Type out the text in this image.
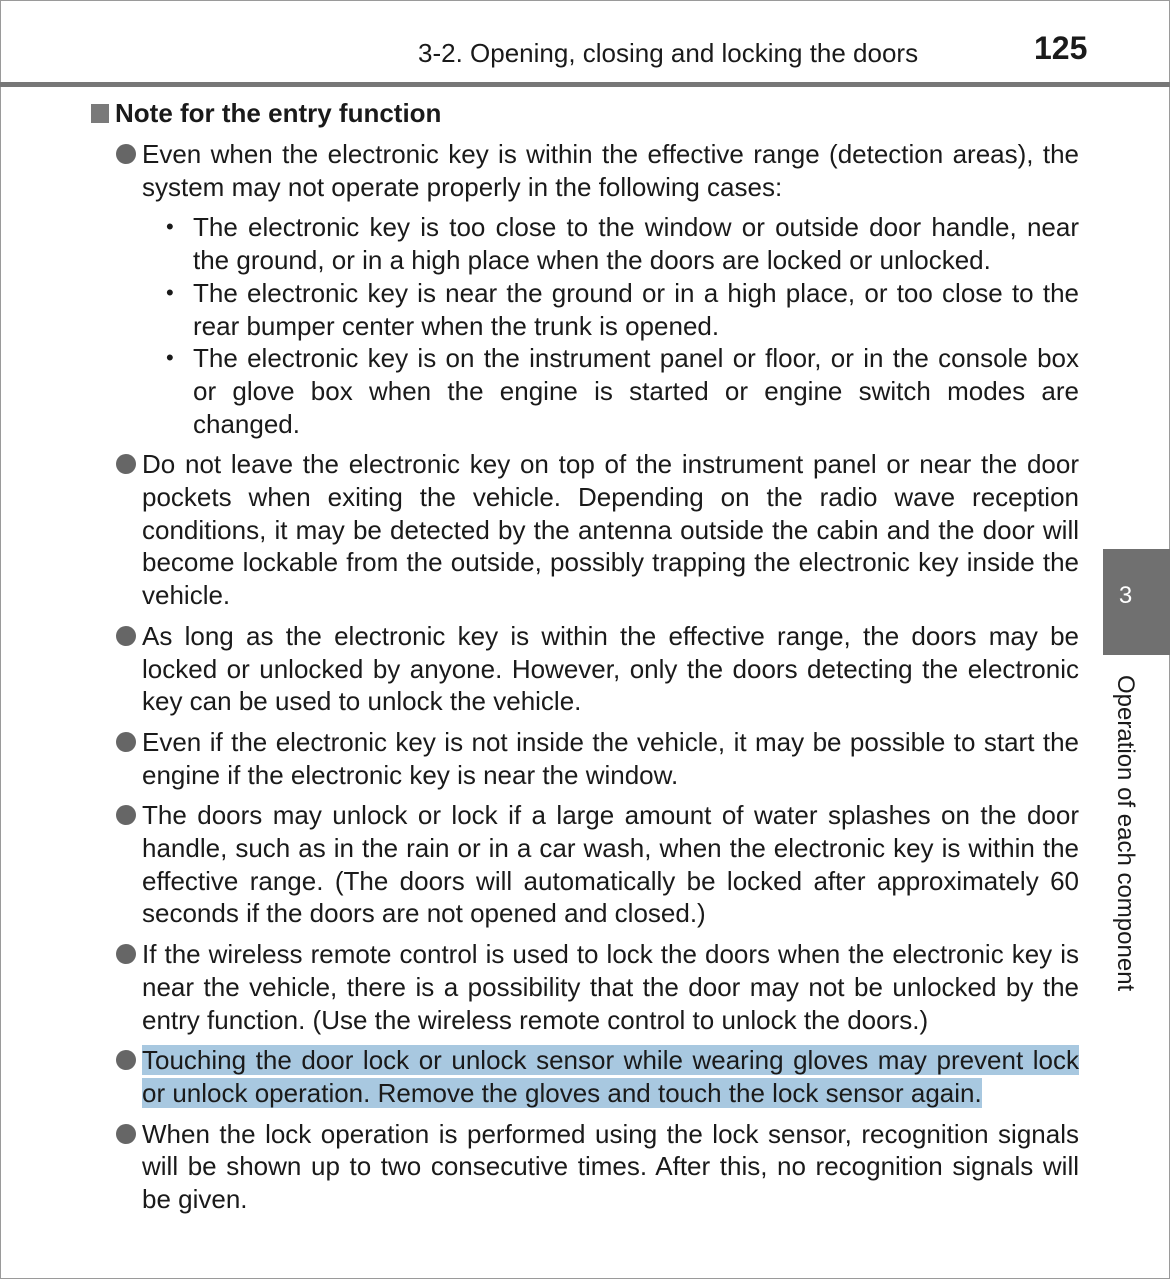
3-2. Opening, closing and locking the doors	125
Note for the entry function
Even when the electronic key is within the effective range (detection areas), the system may not operate properly in the following cases:
• The electronic key is too close to the window or outside door handle, near the ground, or in a high place when the doors are locked or unlocked.
• The electronic key is near the ground or in a high place, or too close to the rear bumper center when the trunk is opened.
• The electronic key is on the instrument panel or floor, or in the console box or glove box when the engine is started or engine switch modes are changed.
Do not leave the electronic key on top of the instrument panel or near the door pockets when exiting the vehicle. Depending on the radio wave reception conditions, it may be detected by the antenna outside the cabin and the door will become lockable from the outside, possibly trapping the electronic key inside the vehicle.
As long as the electronic key is within the effective range, the doors may be locked or unlocked by anyone. However, only the doors detecting the electronic key can be used to unlock the vehicle.
Even if the electronic key is not inside the vehicle, it may be possible to start the engine if the electronic key is near the window.
The doors may unlock or lock if a large amount of water splashes on the door handle, such as in the rain or in a car wash, when the electronic key is within the effective range. (The doors will automatically be locked after approximately 60 seconds if the doors are not opened and closed.)
If the wireless remote control is used to lock the doors when the electronic key is near the vehicle, there is a possibility that the door may not be unlocked by the entry function. (Use the wireless remote control to unlock the doors.)
Touching the door lock or unlock sensor while wearing gloves may prevent lock or unlock operation. Remove the gloves and touch the lock sensor again.
When the lock operation is performed using the lock sensor, recognition signals will be shown up to two consecutive times. After this, no recognition signals will be given.
3
Operation of each component
